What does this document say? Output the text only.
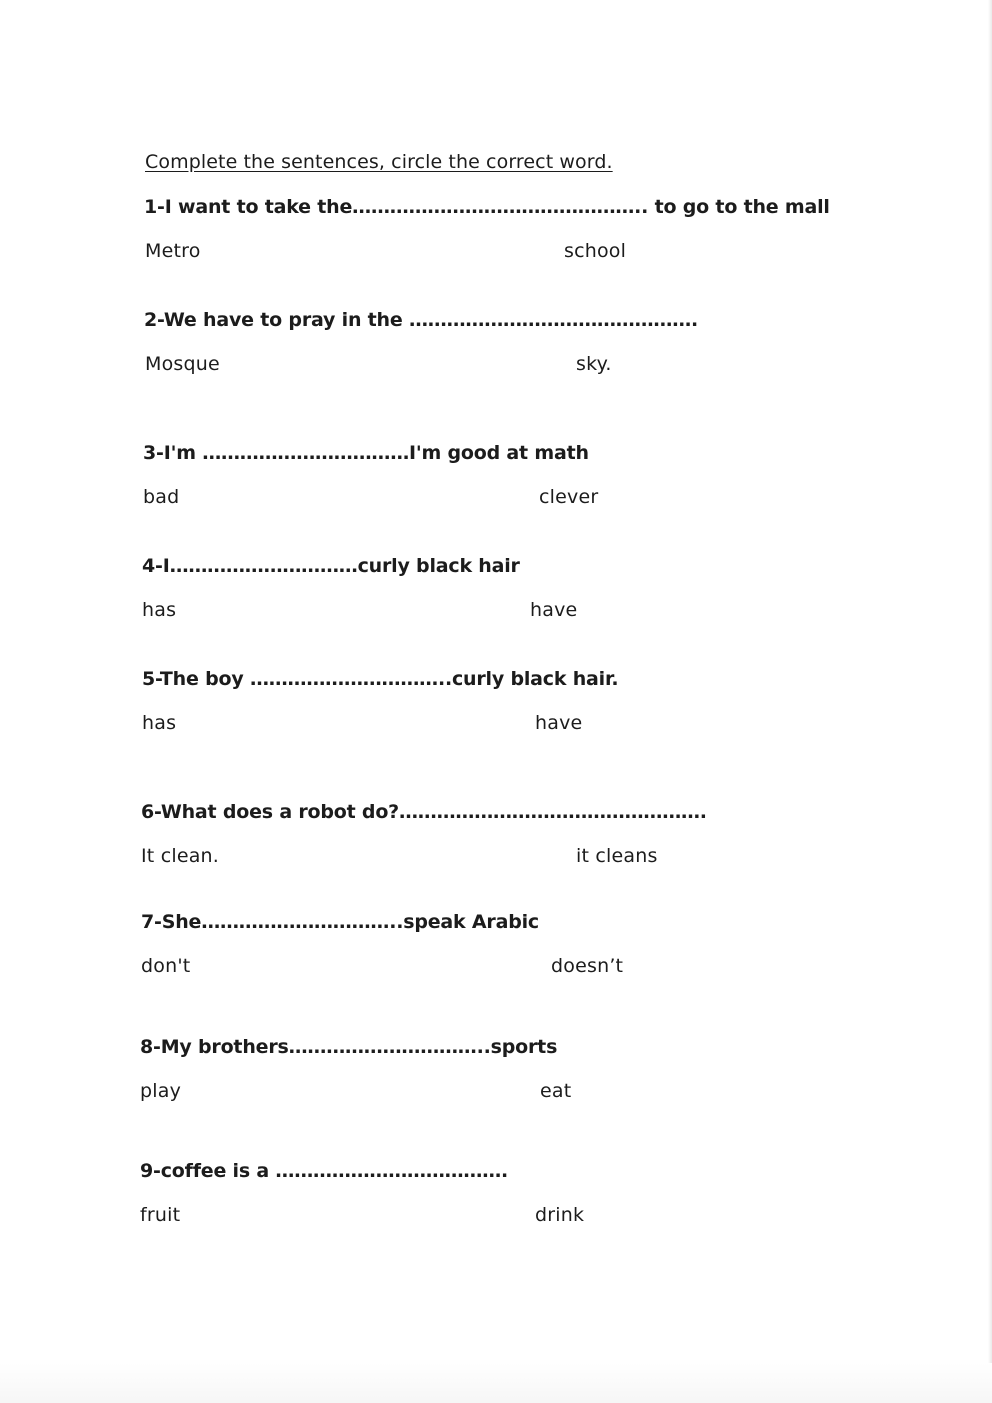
Complete the sentences, circle the correct word.
1-I want to take the……………………………………….. to go to the mall
Metro	school
2-We have to pray in the ……………………………………….
Mosque	sky.
3-I'm ……………………………I'm good at math
bad	clever
4-I…………………………curly black hair
has	have
5-The boy …………………………..curly black hair.
has	have
6-What does a robot do?………………………………………….
It clean.	it cleans
7-She…………………………..speak Arabic
don't	doesn’t
8-My brothers…………………………..sports
play	eat
9-coffee is a ……………………………….
fruit	drink
